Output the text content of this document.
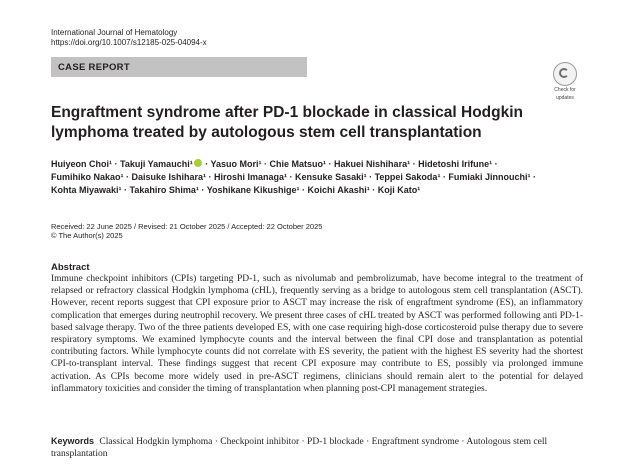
International Journal of Hematology
https://doi.org/10.1007/s12185-025-04094-x
CASE REPORT
Check for
updates
Engraftment syndrome after PD-1 blockade in classical Hodgkin lymphoma treated by autologous stem cell transplantation
Huiyeon Choi¹ · Takuji Yamauchi¹ · Yasuo Mori¹ · Chie Matsuo¹ · Hakuei Nishihara¹ · Hidetoshi Irifune¹ ·
Fumihiko Nakao¹ · Daisuke Ishihara¹ · Hiroshi Imanaga¹ · Kensuke Sasaki¹ · Teppei Sakoda¹ · Fumiaki Jinnouchi¹ ·
Kohta Miyawaki¹ · Takahiro Shima¹ · Yoshikane Kikushige¹ · Koichi Akashi¹ · Koji Kato¹
Received: 22 June 2025 / Revised: 21 October 2025 / Accepted: 22 October 2025
© The Author(s) 2025
Abstract
Immune checkpoint inhibitors (CPIs) targeting PD-1, such as nivolumab and pembrolizumab, have become integral to the treatment of relapsed or refractory classical Hodgkin lymphoma (cHL), frequently serving as a bridge to autologous stem cell transplantation (ASCT). However, recent reports suggest that CPI exposure prior to ASCT may increase the risk of engraftment syndrome (ES), an inflammatory complication that emerges during neutrophil recovery. We present three cases of cHL treated by ASCT was performed following anti PD-1-based salvage therapy. Two of the three patients developed ES, with one case requiring high-dose corticosteroid pulse therapy due to severe respiratory symptoms. We examined lymphocyte counts and the interval between the final CPI dose and transplantation as potential contributing factors. While lymphocyte counts did not correlate with ES severity, the patient with the highest ES severity had the shortest CPI-to-transplant interval. These findings suggest that recent CPI exposure may contribute to ES, possibly via prolonged immune activation. As CPIs become more widely used in pre-ASCT regimens, clinicians should remain alert to the potential for delayed inflammatory toxicities and consider the timing of transplantation when planning post-CPI management strategies.
Keywords Classical Hodgkin lymphoma · Checkpoint inhibitor · PD-1 blockade · Engraftment syndrome · Autologous stem cell transplantation
